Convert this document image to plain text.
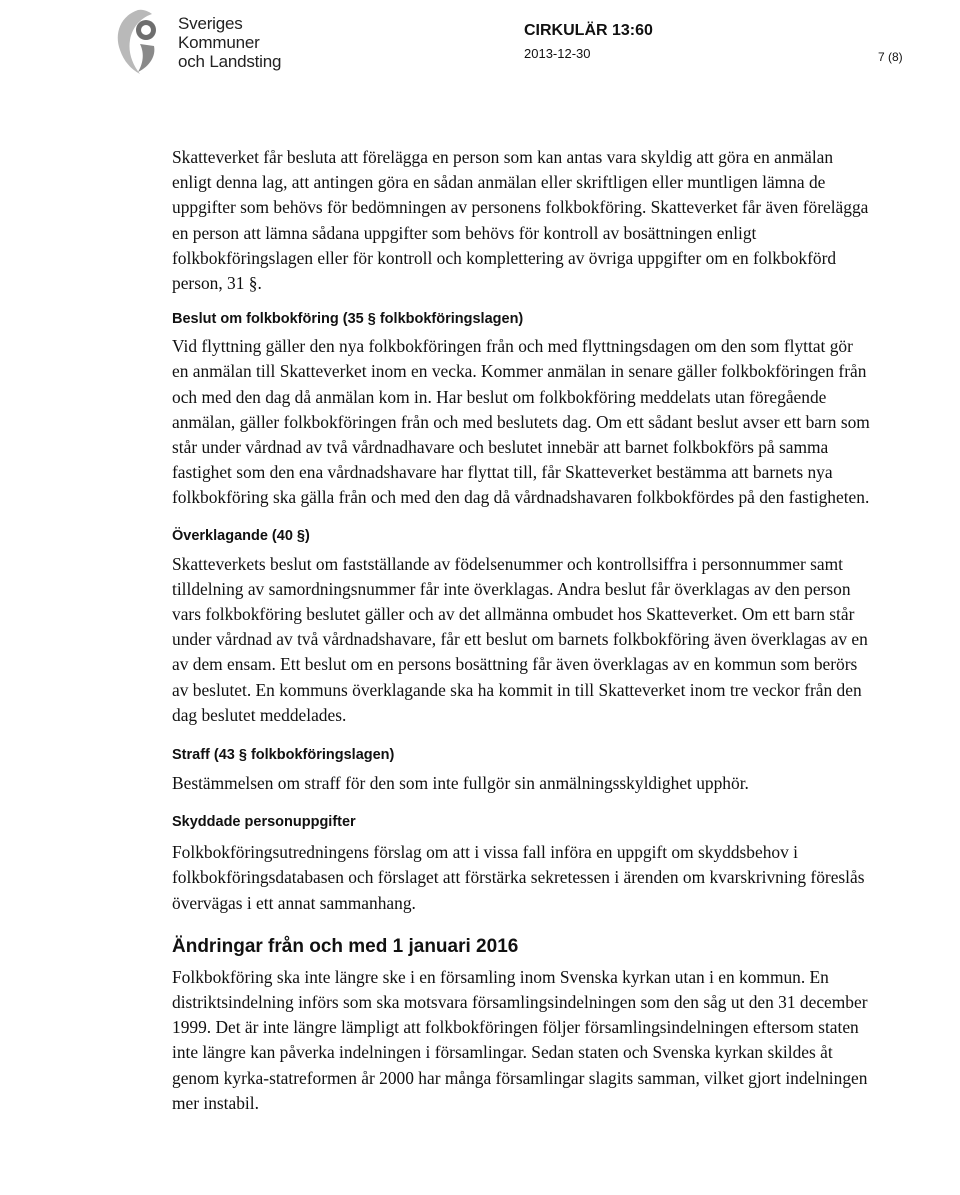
Sveriges
Kommuner
och Landsting
CIRKULÄR 13:60
2013-12-30	7 (8)

Skatteverket får besluta att förelägga en person som kan antas vara skyldig att göra en anmälan enligt denna lag, att antingen göra en sådan anmälan eller skriftligen eller muntligen lämna de uppgifter som behövs för bedömningen av personens folkbokföring. Skatteverket får även förelägga en person att lämna sådana uppgifter som behövs för kontroll av bosättningen enligt folkbokföringslagen eller för kontroll och komplettering av övriga uppgifter om en folkbokförd person, 31 §.

Beslut om folkbokföring (35 § folkbokföringslagen)

Vid flyttning gäller den nya folkbokföringen från och med flyttningsdagen om den som flyttat gör en anmälan till Skatteverket inom en vecka. Kommer anmälan in senare gäller folkbokföringen från och med den dag då anmälan kom in. Har beslut om folkbokföring meddelats utan föregående anmälan, gäller folkbokföringen från och med beslutets dag. Om ett sådant beslut avser ett barn som står under vårdnad av två vårdnadhavare och beslutet innebär att barnet folkbokförs på samma fastighet som den ena vårdnadshavare har flyttat till, får Skatteverket bestämma att barnets nya folkbokföring ska gälla från och med den dag då vårdnadshavaren folkbokfördes på den fastigheten.

Överklagande (40 §)

Skatteverkets beslut om fastställande av födelsenummer och kontrollsiffra i personnummer samt tilldelning av samordningsnummer får inte överklagas. Andra beslut får överklagas av den person vars folkbokföring beslutet gäller och av det allmänna ombudet hos Skatteverket. Om ett barn står under vårdnad av två vårdnadshavare, får ett beslut om barnets folkbokföring även överklagas av en av dem ensam. Ett beslut om en persons bosättning får även överklagas av en kommun som berörs av beslutet. En kommuns överklagande ska ha kommit in till Skatteverket inom tre veckor från den dag beslutet meddelades.

Straff (43 § folkbokföringslagen)

Bestämmelsen om straff för den som inte fullgör sin anmälningsskyldighet upphör.

Skyddade personuppgifter

Folkbokföringsutredningens förslag om att i vissa fall införa en uppgift om skyddsbehov i folkbokföringsdatabasen och förslaget att förstärka sekretessen i ärenden om kvarskrivning föreslås övervägas i ett annat sammanhang.

Ändringar från och med 1 januari 2016

Folkbokföring ska inte längre ske i en församling inom Svenska kyrkan utan i en kommun. En distriktsindelning införs som ska motsvara församlingsindelningen som den såg ut den 31 december 1999. Det är inte längre lämpligt att folkbokföringen följer församlingsindelningen eftersom staten inte längre kan påverka indelningen i församlingar. Sedan staten och Svenska kyrkan skildes åt genom kyrka-statreformen år 2000 har många församlingar slagits samman, vilket gjort indelningen mer instabil.
